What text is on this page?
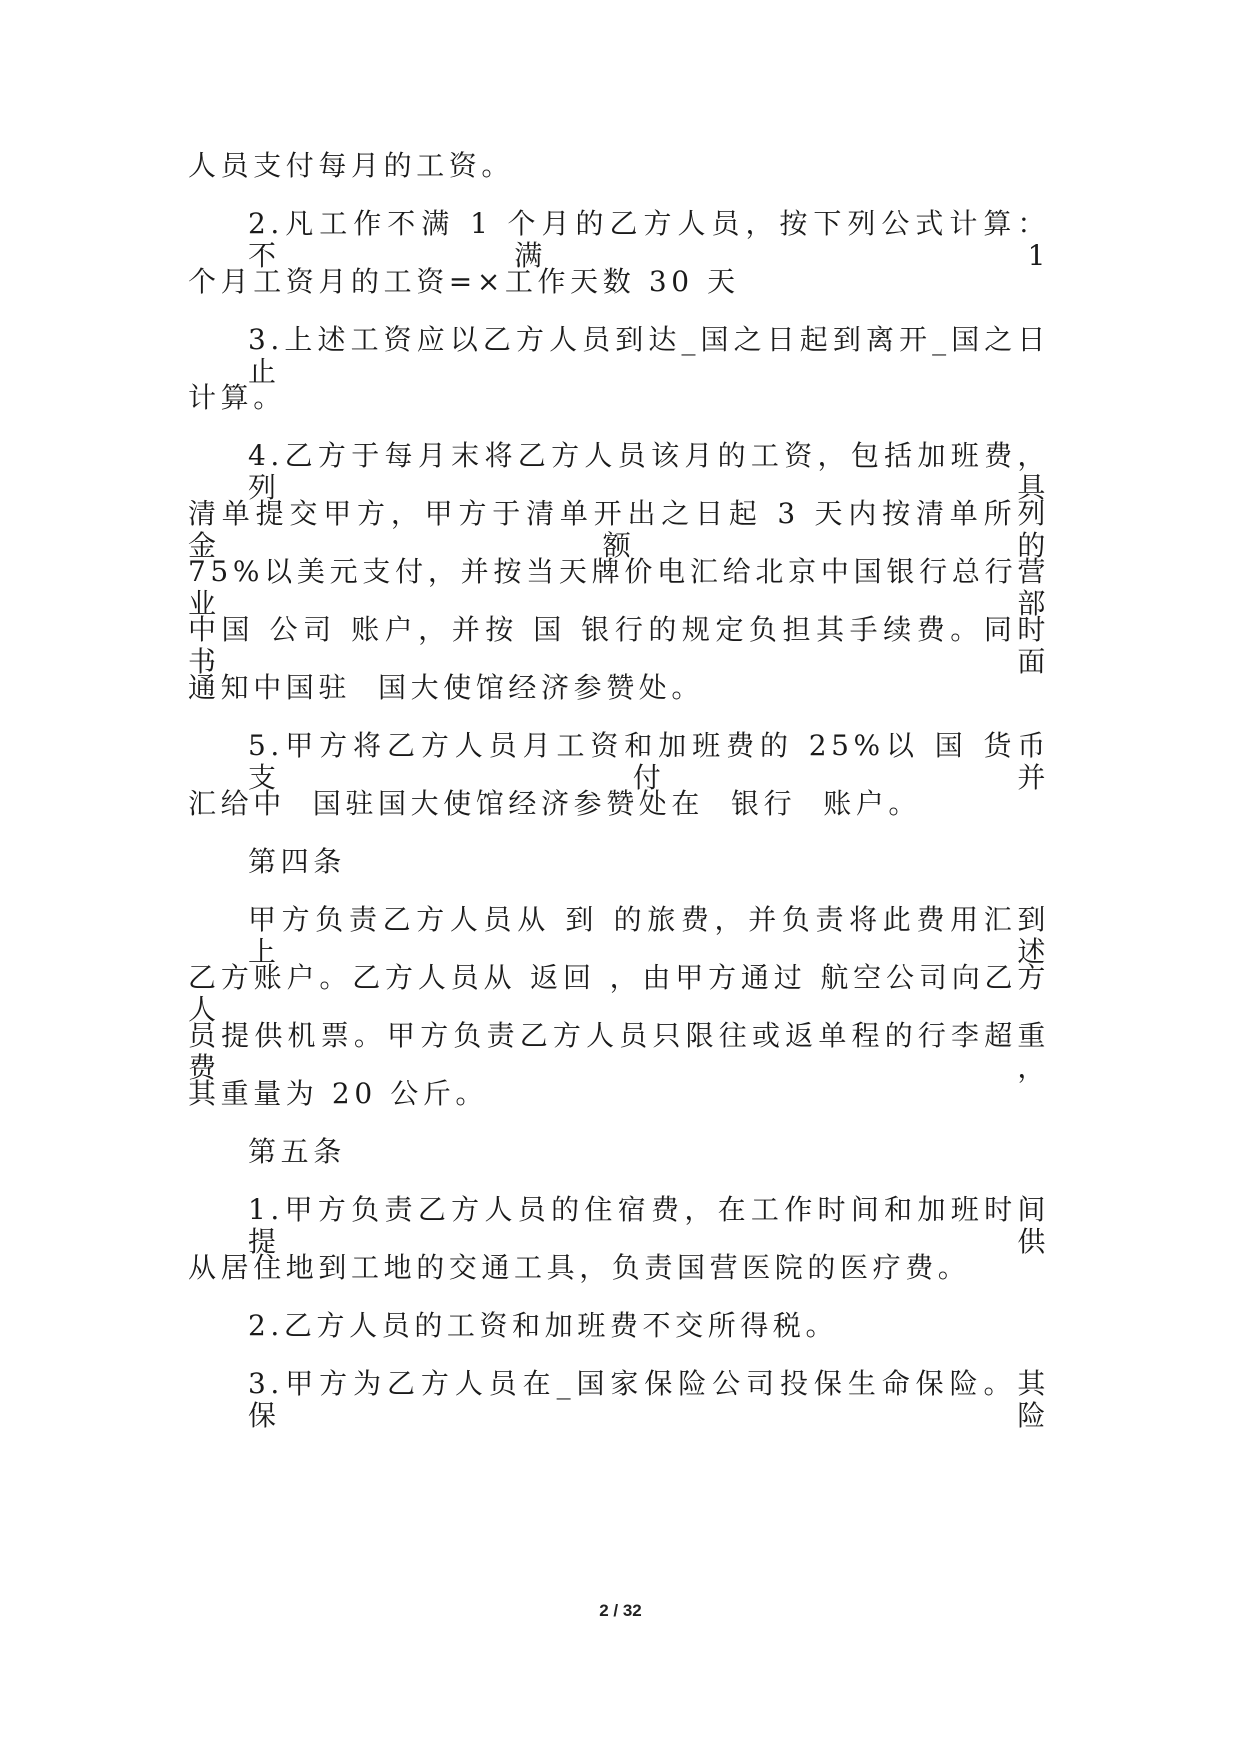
人员支付每月的工资。
2.凡工作不满 1 个月的乙方人员，按下列公式计算：不满 1
个月工资月的工资=×工作天数 30 天
3.上述工资应以乙方人员到达_国之日起到离开_国之日止
计算。
4.乙方于每月末将乙方人员该月的工资，包括加班费，列具
清单提交甲方，甲方于清单开出之日起 3 天内按清单所列金额的
75%以美元支付，并按当天牌价电汇给北京中国银行总行营业部
中国 公司 账户，并按 国 银行的规定负担其手续费。同时书面
通知中国驻  国大使馆经济参赞处。
5.甲方将乙方人员月工资和加班费的 25%以 国 货币支付并
汇给中  国驻国大使馆经济参赞处在  银行  账户。
第四条
甲方负责乙方人员从 到 的旅费，并负责将此费用汇到上述
乙方账户。乙方人员从 返回 ，由甲方通过 航空公司向乙方人
员提供机票。甲方负责乙方人员只限往或返单程的行李超重费，
其重量为 20 公斤。
第五条
1.甲方负责乙方人员的住宿费，在工作时间和加班时间提供
从居住地到工地的交通工具，负责国营医院的医疗费。
2.乙方人员的工资和加班费不交所得税。
3.甲方为乙方人员在_国家保险公司投保生命保险。其保险
2 / 32
